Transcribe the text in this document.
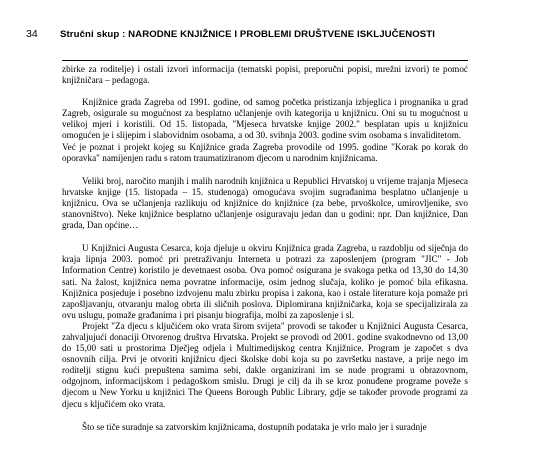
34	Stručni skup : NARODNE KNJIŽNICE I PROBLEMI DRUŠTVENE ISKLJUČENOSTI

zbirke za roditelje) i ostali izvori informacija (tematski popisi, preporučni popisi, mrežni izvori) te pomoć knjižničara – pedagoga.

Knjižnice grada Zagreba od 1991. godine, od samog početka pristizanja izbjeglica i prognanika u grad Zagreb, osigurale su mogućnost za besplatno učlanjenje ovih kategorija u knjižnicu. Oni su tu mogućnost u velikoj mjeri i koristili. Od 15. listopada, "Mjeseca hrvatske knjige 2002." besplatan upis u knjižnicu omogućen je i slijepim i slabovidnim osobama, a od 30. svibnja 2003. godine svim osobama s invaliditetom.

Već je poznat i projekt kojeg su Knjižnice grada Zagreba provodile od 1995. godine "Korak po korak do oporavka" namijenjen radu s ratom traumatiziranom djecom u narodnim knjižnicama.

Veliki broj, naročito manjih i malih narodnih knjižnica u Republici Hrvatskoj u vrijeme trajanja Mjeseca hrvatske knjige (15. listopada – 15. studenoga) omogućava svojim sugrađanima besplatno učlanjenje u knjižnicu. Ova se učlanjenja razlikuju od knjižnice do knjižnice (za bebe, prvoškolce, umirovljenike, svo stanovništvo). Neke knjižnice besplatno učlanjenje osiguravaju jedan dan u godini: npr. Dan knjižnice, Dan grada, Dan općine…

U Knjižnici Augusta Cesarca, koja djeluje u okviru Knjižnica grada Zagreba, u razdoblju od siječnja do kraja lipnja 2003. pomoć pri pretraživanju Interneta u potrazi za zaposlenjem (program "JIC" - Job Information Centre) koristilo je devetnaest osoba. Ova pomoć osigurana je svakoga petka od 13,30 do 14,30 sati. Na žalost, knjižnica nema povratne informacije, osim jednog slučaja, koliko je pomoć bila efikasna. Knjižnica posjeduje i posebno izdvojenu malu zbirku propisa i zakona, kao i ostale literature koja pomaže pri zapošljavanju, otvaranju malog obrta ili sličnih poslova. Diplomirana knjižničarka, koja se specijalizirala za ovu uslugu, pomaže građanima i pri pisanju biografija, molbi za zaposlenje i sl.

Projekt "Za djecu s ključićem oko vrata širom svijeta" provodi se također u Knjižnici Augusta Cesarca, zahvaljujući donaciji Otvorenog društva Hrvatska. Projekt se provodi od 2001. godine svakodnevno od 13,00 do 15,00 sati u prostorima Dječjeg odjela i Multimedijskog centra Knjižnice. Program je započet s dva osnovnih cilja. Prvi je otvoriti knjižnicu djeci školske dobi koja su po završetku nastave, a prije nego im roditelji stignu kući prepuštena samima sebi, dakle organizirani im se nude programi u obrazovnom, odgojnom, informacijskom i pedagoškom smislu. Drugi je cilj da ih se kroz ponuđene programe poveže s djecom u New Yorku u knjižnici The Queens Borough Public Library, gdje se također provode programi za djecu s ključićem oko vrata.

Što se tiče suradnje sa zatvorskim knjižnicama, dostupnih podataka je vrlo malo jer i suradnje
